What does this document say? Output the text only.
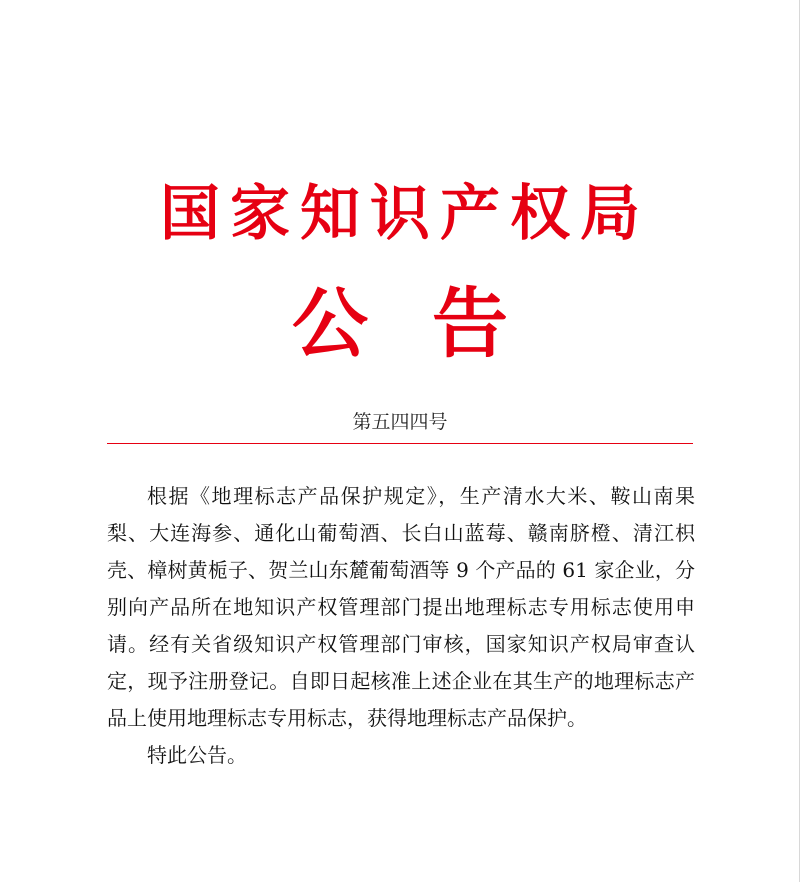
国家知识产权局
公告
第五四四号

根据《地理标志产品保护规定》，生产清水大米、鞍山南果梨、大连海参、通化山葡萄酒、长白山蓝莓、赣南脐橙、清江枳壳、樟树黄栀子、贺兰山东麓葡萄酒等 9 个产品的 61 家企业，分别向产品所在地知识产权管理部门提出地理标志专用标志使用申请。经有关省级知识产权管理部门审核，国家知识产权局审查认定，现予注册登记。自即日起核准上述企业在其生产的地理标志产品上使用地理标志专用标志，获得地理标志产品保护。

特此公告。
